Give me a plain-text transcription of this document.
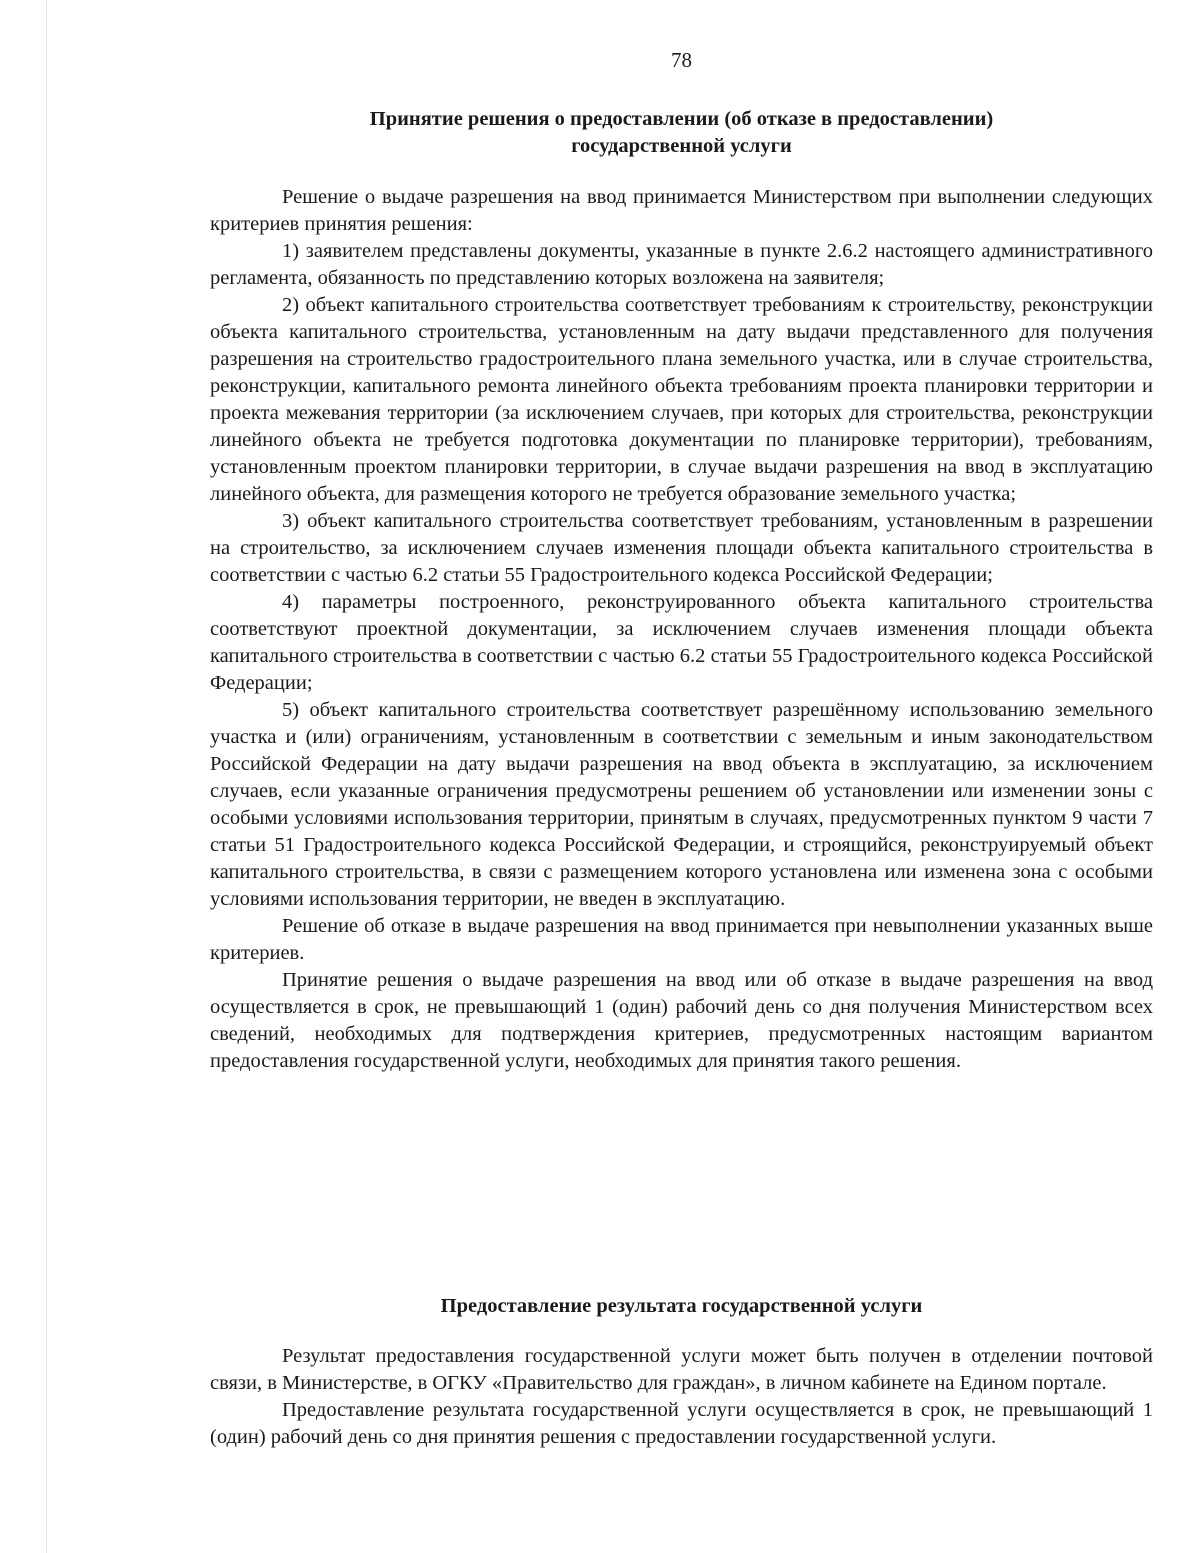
78
Принятие решения о предоставлении (об отказе в предоставлении)
государственной услуги

Решение о выдаче разрешения на ввод принимается Министерством при выполнении следующих критериев принятия решения:

1) заявителем представлены документы, указанные в пункте 2.6.2 настоящего административного регламента, обязанность по представлению которых возложена на заявителя;

2) объект капитального строительства соответствует требованиям к строительству, реконструкции объекта капитального строительства, установленным на дату выдачи представленного для получения разрешения на строительство градостроительного плана земельного участка, или в случае строительства, реконструкции, капитального ремонта линейного объекта требованиям проекта планировки территории и проекта межевания территории (за исключением случаев, при которых для строительства, реконструкции линейного объекта не требуется подготовка документации по планировке территории), требованиям, установленным проектом планировки территории, в случае выдачи разрешения на ввод в эксплуатацию линейного объекта, для размещения которого не требуется образование земельного участка;

3) объект капитального строительства соответствует требованиям, установленным в разрешении на строительство, за исключением случаев изменения площади объекта капитального строительства в соответствии с частью 6.2 статьи 55 Градостроительного кодекса Российской Федерации;

4) параметры построенного, реконструированного объекта капитального строительства соответствуют проектной документации, за исключением случаев изменения площади объекта капитального строительства в соответствии с частью 6.2 статьи 55 Градостроительного кодекса Российской Федерации;

5) объект капитального строительства соответствует разрешённому использованию земельного участка и (или) ограничениям, установленным в соответствии с земельным и иным законодательством Российской Федерации на дату выдачи разрешения на ввод объекта в эксплуатацию, за исключением случаев, если указанные ограничения предусмотрены решением об установлении или изменении зоны с особыми условиями использования территории, принятым в случаях, предусмотренных пунктом 9 части 7 статьи 51 Градостроительного кодекса Российской Федерации, и строящийся, реконструируемый объект капитального строительства, в связи с размещением которого установлена или изменена зона с особыми условиями использования территории, не введен в эксплуатацию.

Решение об отказе в выдаче разрешения на ввод принимается при невыполнении указанных выше критериев.

Принятие решения о выдаче разрешения на ввод или об отказе в выдаче разрешения на ввод осуществляется в срок, не превышающий 1 (один) рабочий день со дня получения Министерством всех сведений, необходимых для подтверждения критериев, предусмотренных настоящим вариантом предоставления государственной услуги, необходимых для принятия такого решения.

Предоставление результата государственной услуги

Результат предоставления государственной услуги может быть получен в отделении почтовой связи, в Министерстве, в ОГКУ «Правительство для граждан», в личном кабинете на Едином портале.

Предоставление результата государственной услуги осуществляется в срок, не превышающий 1 (один) рабочий день со дня принятия решения с предоставлении государственной услуги.
